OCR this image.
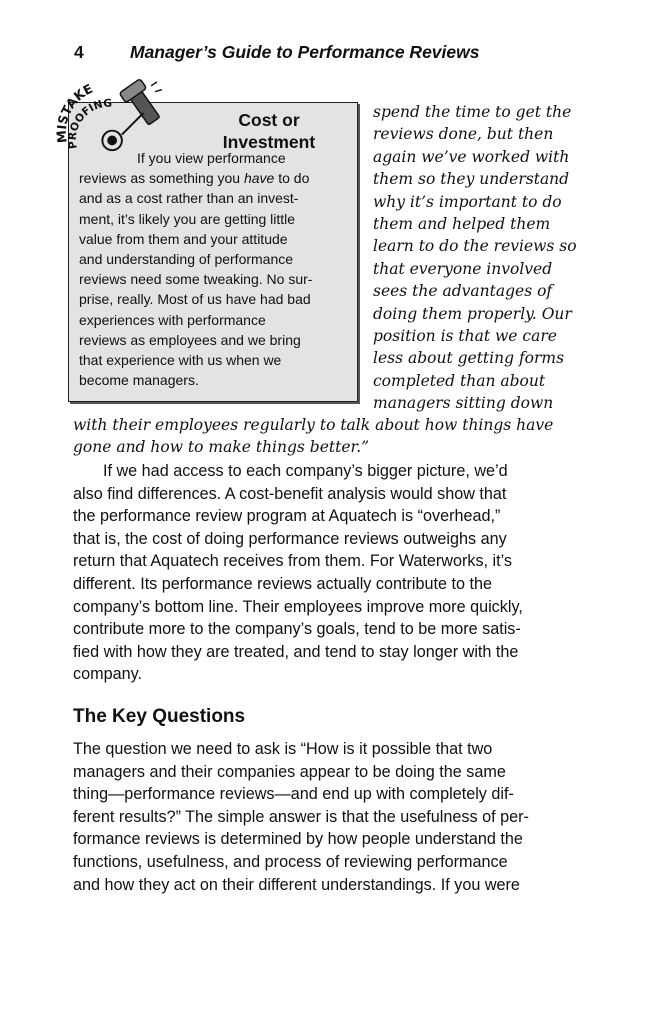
4	Manager’s Guide to Performance Reviews
Cost or
Investment
If you view performance
reviews as something you have to do
and as a cost rather than an invest-
ment, it’s likely you are getting little
value from them and your attitude
and understanding of performance
reviews need some tweaking. No sur-
prise, really. Most of us have had bad
experiences with performance
reviews as employees and we bring
that experience with us when we
become managers.
MISTAKE
PROOFING	spend the time to get the
reviews done, but then
again we’ve worked with
them so they understand
why it’s important to do
them and helped them
learn to do the reviews so
that everyone involved
sees the advantages of
doing them properly. Our
position is that we care
less about getting forms
completed than about
managers sitting down
with their employees regularly to talk about how things have
gone and how to make things better.”
If we had access to each company’s bigger picture, we’d
also find differences. A cost-benefit analysis would show that
the performance review program at Aquatech is “overhead,”
that is, the cost of doing performance reviews outweighs any
return that Aquatech receives from them. For Waterworks, it’s
different. Its performance reviews actually contribute to the
company’s bottom line. Their employees improve more quickly,
contribute more to the company’s goals, tend to be more satis-
fied with how they are treated, and tend to stay longer with the
company.
The Key Questions
The question we need to ask is “How is it possible that two
managers and their companies appear to be doing the same
thing—performance reviews—and end up with completely dif-
ferent results?” The simple answer is that the usefulness of per-
formance reviews is determined by how people understand the
functions, usefulness, and process of reviewing performance
and how they act on their different understandings. If you were
